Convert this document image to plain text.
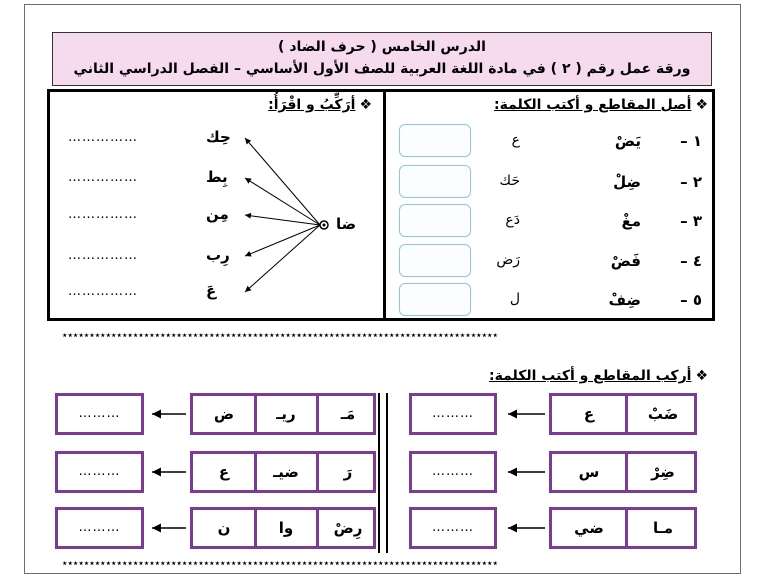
الدرس الخامس ( حرف الضاد )
ورقة عمل رقم ( ٢ ) في مادة اللغة العربية للصف الأول الأساسي – الفصل الدراسي الثاني
❖أصل المقاطع و أكتب الكلمة:
١ –
يَضْ
ع
٢ –
ضِلْ
حَك
٣ –
مغْ
دَع
٤ –
فَضْ
رَض
٥ –
ضِفْ
ل
❖أرَكِّبُ و اقْرَأُ:
ضا
حِك
……………
بِط
……………
مِن
……………
رِب
……………
عَ
……………
٭٭٭٭٭٭٭٭٭٭٭٭٭٭٭٭٭٭٭٭٭٭٭٭٭٭٭٭٭٭٭٭٭٭٭٭٭٭٭٭٭٭٭٭٭٭٭٭٭٭٭٭٭٭٭٭٭٭٭٭٭٭٭٭٭٭٭٭٭٭٭٭٭٭٭٭٭٭٭٭
٭٭٭٭٭٭٭٭٭٭٭٭٭٭٭٭٭٭٭٭٭٭٭٭٭٭٭٭٭٭٭٭٭٭٭٭٭٭٭٭٭٭٭٭٭٭٭٭٭٭٭٭٭٭٭٭٭٭٭٭٭٭٭٭٭٭٭٭٭٭٭٭٭٭٭٭٭٭٭٭
❖أركب المقاطع و أكتب الكلمة:
ع	ضَبْ
………
س	ضِرْ
………
ضي	مـا
………
ض	ريـ	مَـ
………
ع	ضيـ	رَ
………
ن	وا	رِضْ
………
